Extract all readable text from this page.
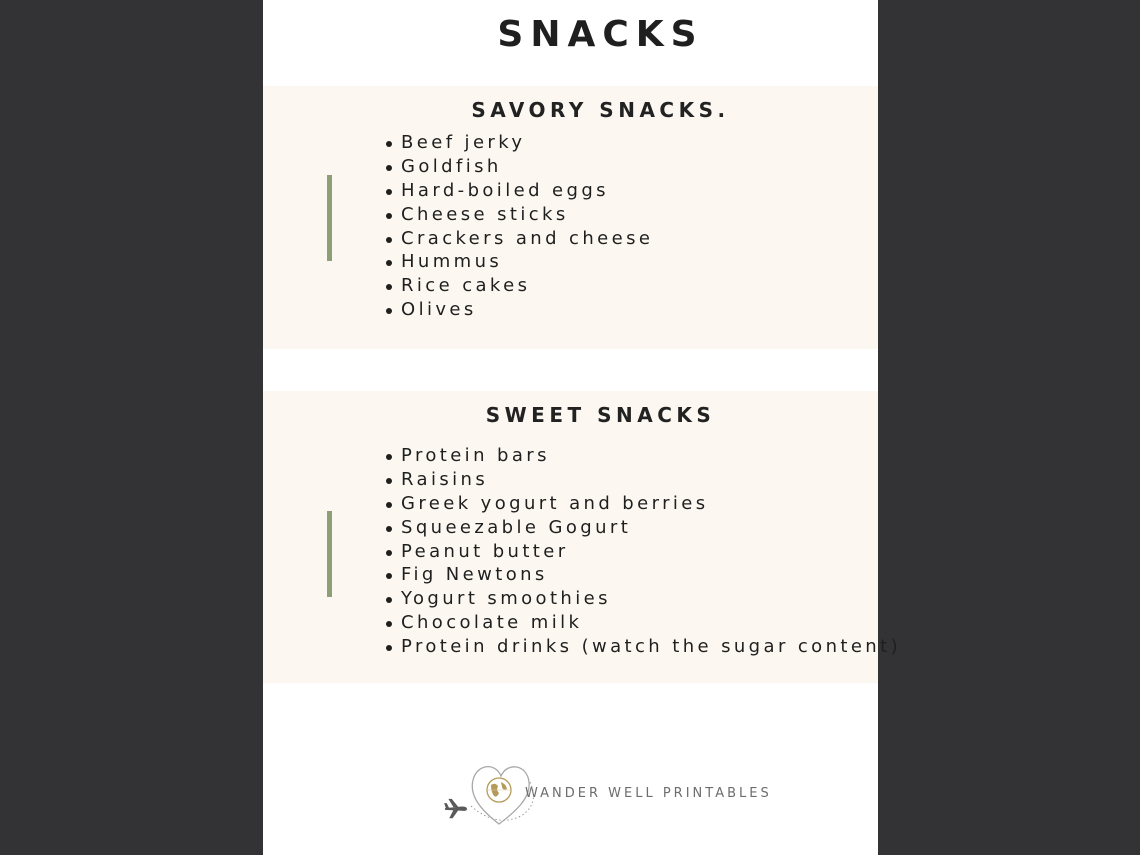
SNACKS
SAVORY SNACKS.
Beef jerky
Goldfish
Hard-boiled eggs
Cheese sticks
Crackers and cheese
Hummus
Rice cakes
Olives
SWEET SNACKS
Protein bars
Raisins
Greek yogurt and berries
Squeezable Gogurt
Peanut butter
Fig Newtons
Yogurt smoothies
Chocolate milk
Protein drinks (watch the sugar content)
WANDER WELL PRINTABLES
